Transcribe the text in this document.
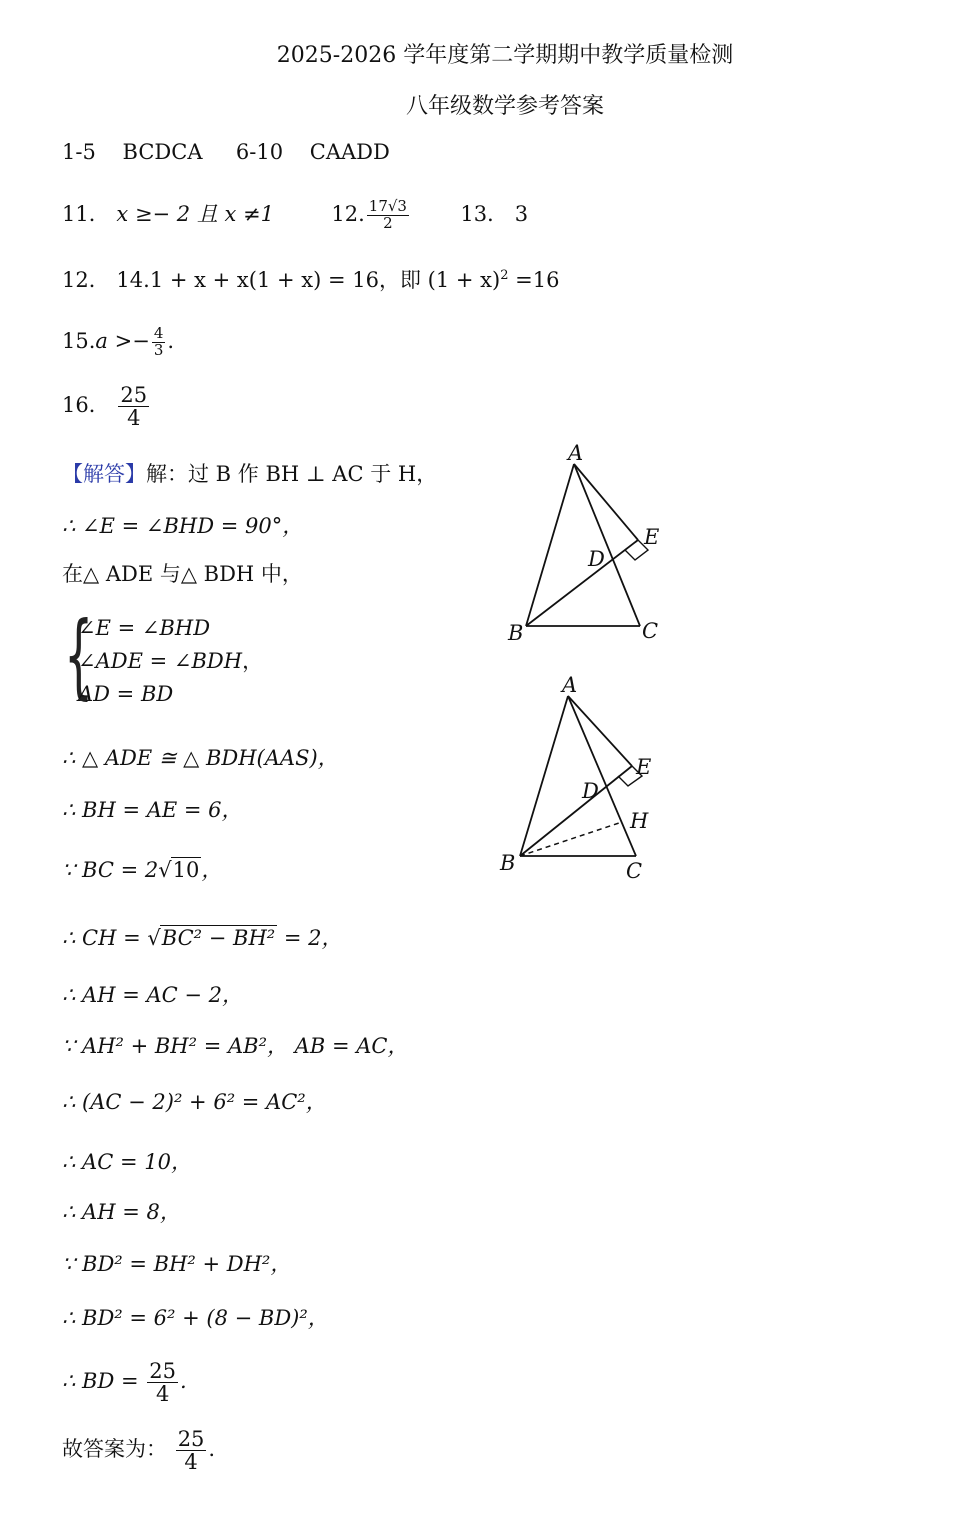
2025-2026 学年度第二学期期中教学质量检测
八年级数学参考答案
1-5 BCDCA 6-10 CAADD
11． x ≥− 2 且 x ≠1	12. $\frac{17√3}{2} 13$． 3
12． 14.1 + x + x(1 + x) = 16，即 $(1 + x)^2 =16$
$15.a >- \frac{4}{3}$ .
16． $\frac{25}{4}$
【解答】解：过 B 作 BH ⊥ AC 于 H，
∴ ∠E = ∠BHD = 90°，
在△ ADE 与△ BDH 中，
{
∠E = ∠BHD
∠ADE = ∠BDH，
AD = BD
∴ △ ADE ≅ △ BDH(AAS)，
∴ BH = AE = 6，
∵ BC = 2√10，
∴ CH = √BC² − BH² = 2，
∴ AH = AC − 2，
∵ AH² + BH² = AB²， AB = AC，
∴ (AC − 2)² + 6² = AC²，
∴ AC = 10，
∴ AH = 8，
∵ BD² = BH² + DH²，
∴ BD² = 6² + (8 − BD)²，
∴ BD = $\frac{25}{4}$ .
故答案为： $\frac{25}{4}$ .
A
B	C
D
E
A
B	C
D
E
H
